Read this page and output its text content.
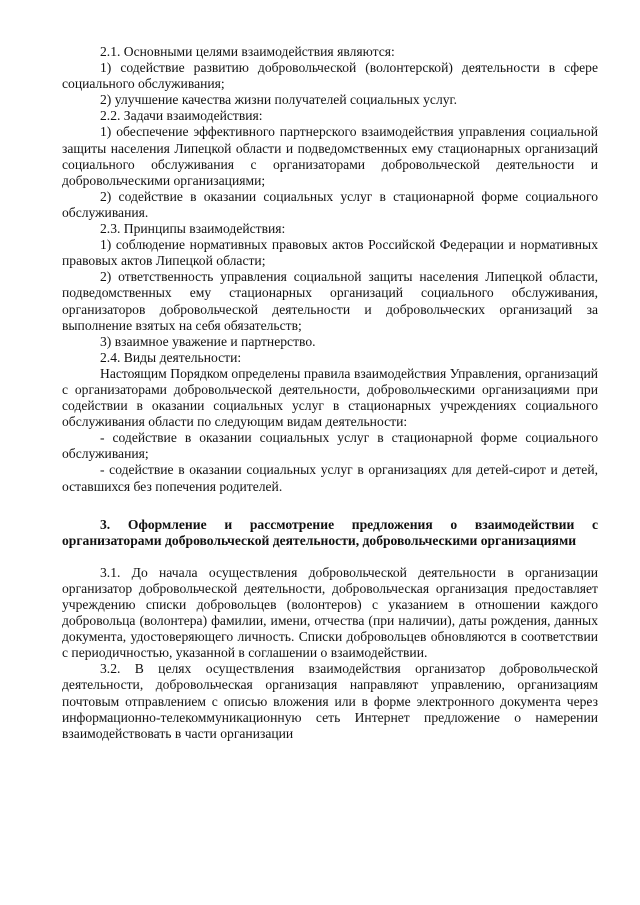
2.1. Основными целями взаимодействия являются:

1) содействие развитию добровольческой (волонтерской) деятельности в сфере социального обслуживания;

2) улучшение качества жизни получателей социальных услуг.

2.2. Задачи взаимодействия:

1) обеспечение эффективного партнерского взаимодействия управления социальной защиты населения Липецкой области и подведомственных ему стационарных организаций социального обслуживания с организаторами добровольческой деятельности и добровольческими организациями;

2) содействие в оказании социальных услуг в стационарной форме социального обслуживания.

2.3. Принципы взаимодействия:

1) соблюдение нормативных правовых актов Российской Федерации и нормативных правовых актов Липецкой области;

2) ответственность управления социальной защиты населения Липецкой области, подведомственных ему стационарных организаций социального обслуживания, организаторов добровольческой деятельности и добровольческих организаций за выполнение взятых на себя обязательств;

3) взаимное уважение и партнерство.

2.4. Виды деятельности:

Настоящим Порядком определены правила взаимодействия Управления, организаций с организаторами добровольческой деятельности, добровольческими организациями при содействии в оказании социальных услуг в стационарных учреждениях социального обслуживания области по следующим видам деятельности:

- содействие в оказании социальных услуг в стационарной форме социального обслуживания;

- содействие в оказании социальных услуг в организациях для детей-сирот и детей, оставшихся без попечения родителей.

3. Оформление и рассмотрение предложения о взаимодействии с организаторами добровольческой деятельности, добровольческими организациями

3.1. До начала осуществления добровольческой деятельности в организации организатор добровольческой деятельности, добровольческая организация предоставляет учреждению списки добровольцев (волонтеров) с указанием в отношении каждого добровольца (волонтера) фамилии, имени, отчества (при наличии), даты рождения, данных документа, удостоверяющего личность. Списки добровольцев обновляются в соответствии с периодичностью, указанной в соглашении о взаимодействии.

3.2. В целях осуществления взаимодействия организатор добровольческой деятельности, добровольческая организация направляют управлению, организациям почтовым отправлением с описью вложения или в форме электронного документа через информационно-телекоммуникационную сеть Интернет предложение о намерении взаимодействовать в части организации
